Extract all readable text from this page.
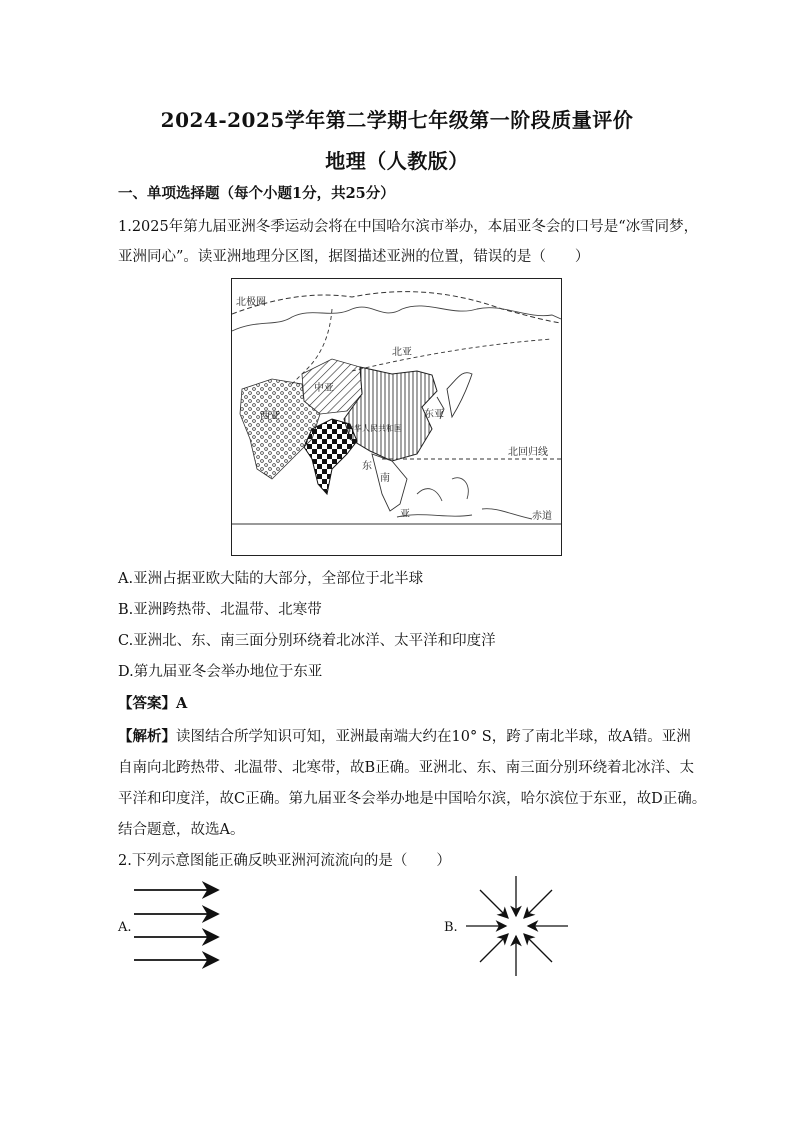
2024-2025学年第二学期七年级第一阶段质量评价
地理（人教版）
一、单项选择题（每个小题1分，共25分）
1.2025年第九届亚洲冬季运动会将在中国哈尔滨市举办，本届亚冬会的口号是“冰雪同梦，
亚洲同心”。读亚洲地理分区图，据图描述亚洲的位置，错误的是（　　）
北极圈
北亚
中亚
西亚	东亚
中华人民共和国
东
南
亚
北回归线
赤道
A.亚洲占据亚欧大陆的大部分，全部位于北半球
B.亚洲跨热带、北温带、北寒带
C.亚洲北、东、南三面分别环绕着北冰洋、太平洋和印度洋
D.第九届亚冬会举办地位于东亚
【答案】A
【解析】读图结合所学知识可知，亚洲最南端大约在10° S，跨了南北半球，故A错。亚洲
自南向北跨热带、北温带、北寒带，故B正确。亚洲北、东、南三面分别环绕着北冰洋、太
平洋和印度洋，故C正确。第九届亚冬会举办地是中国哈尔滨，哈尔滨位于东亚，故D正确。
结合题意，故选A。
2.下列示意图能正确反映亚洲河流流向的是（　　）
A.	B.
